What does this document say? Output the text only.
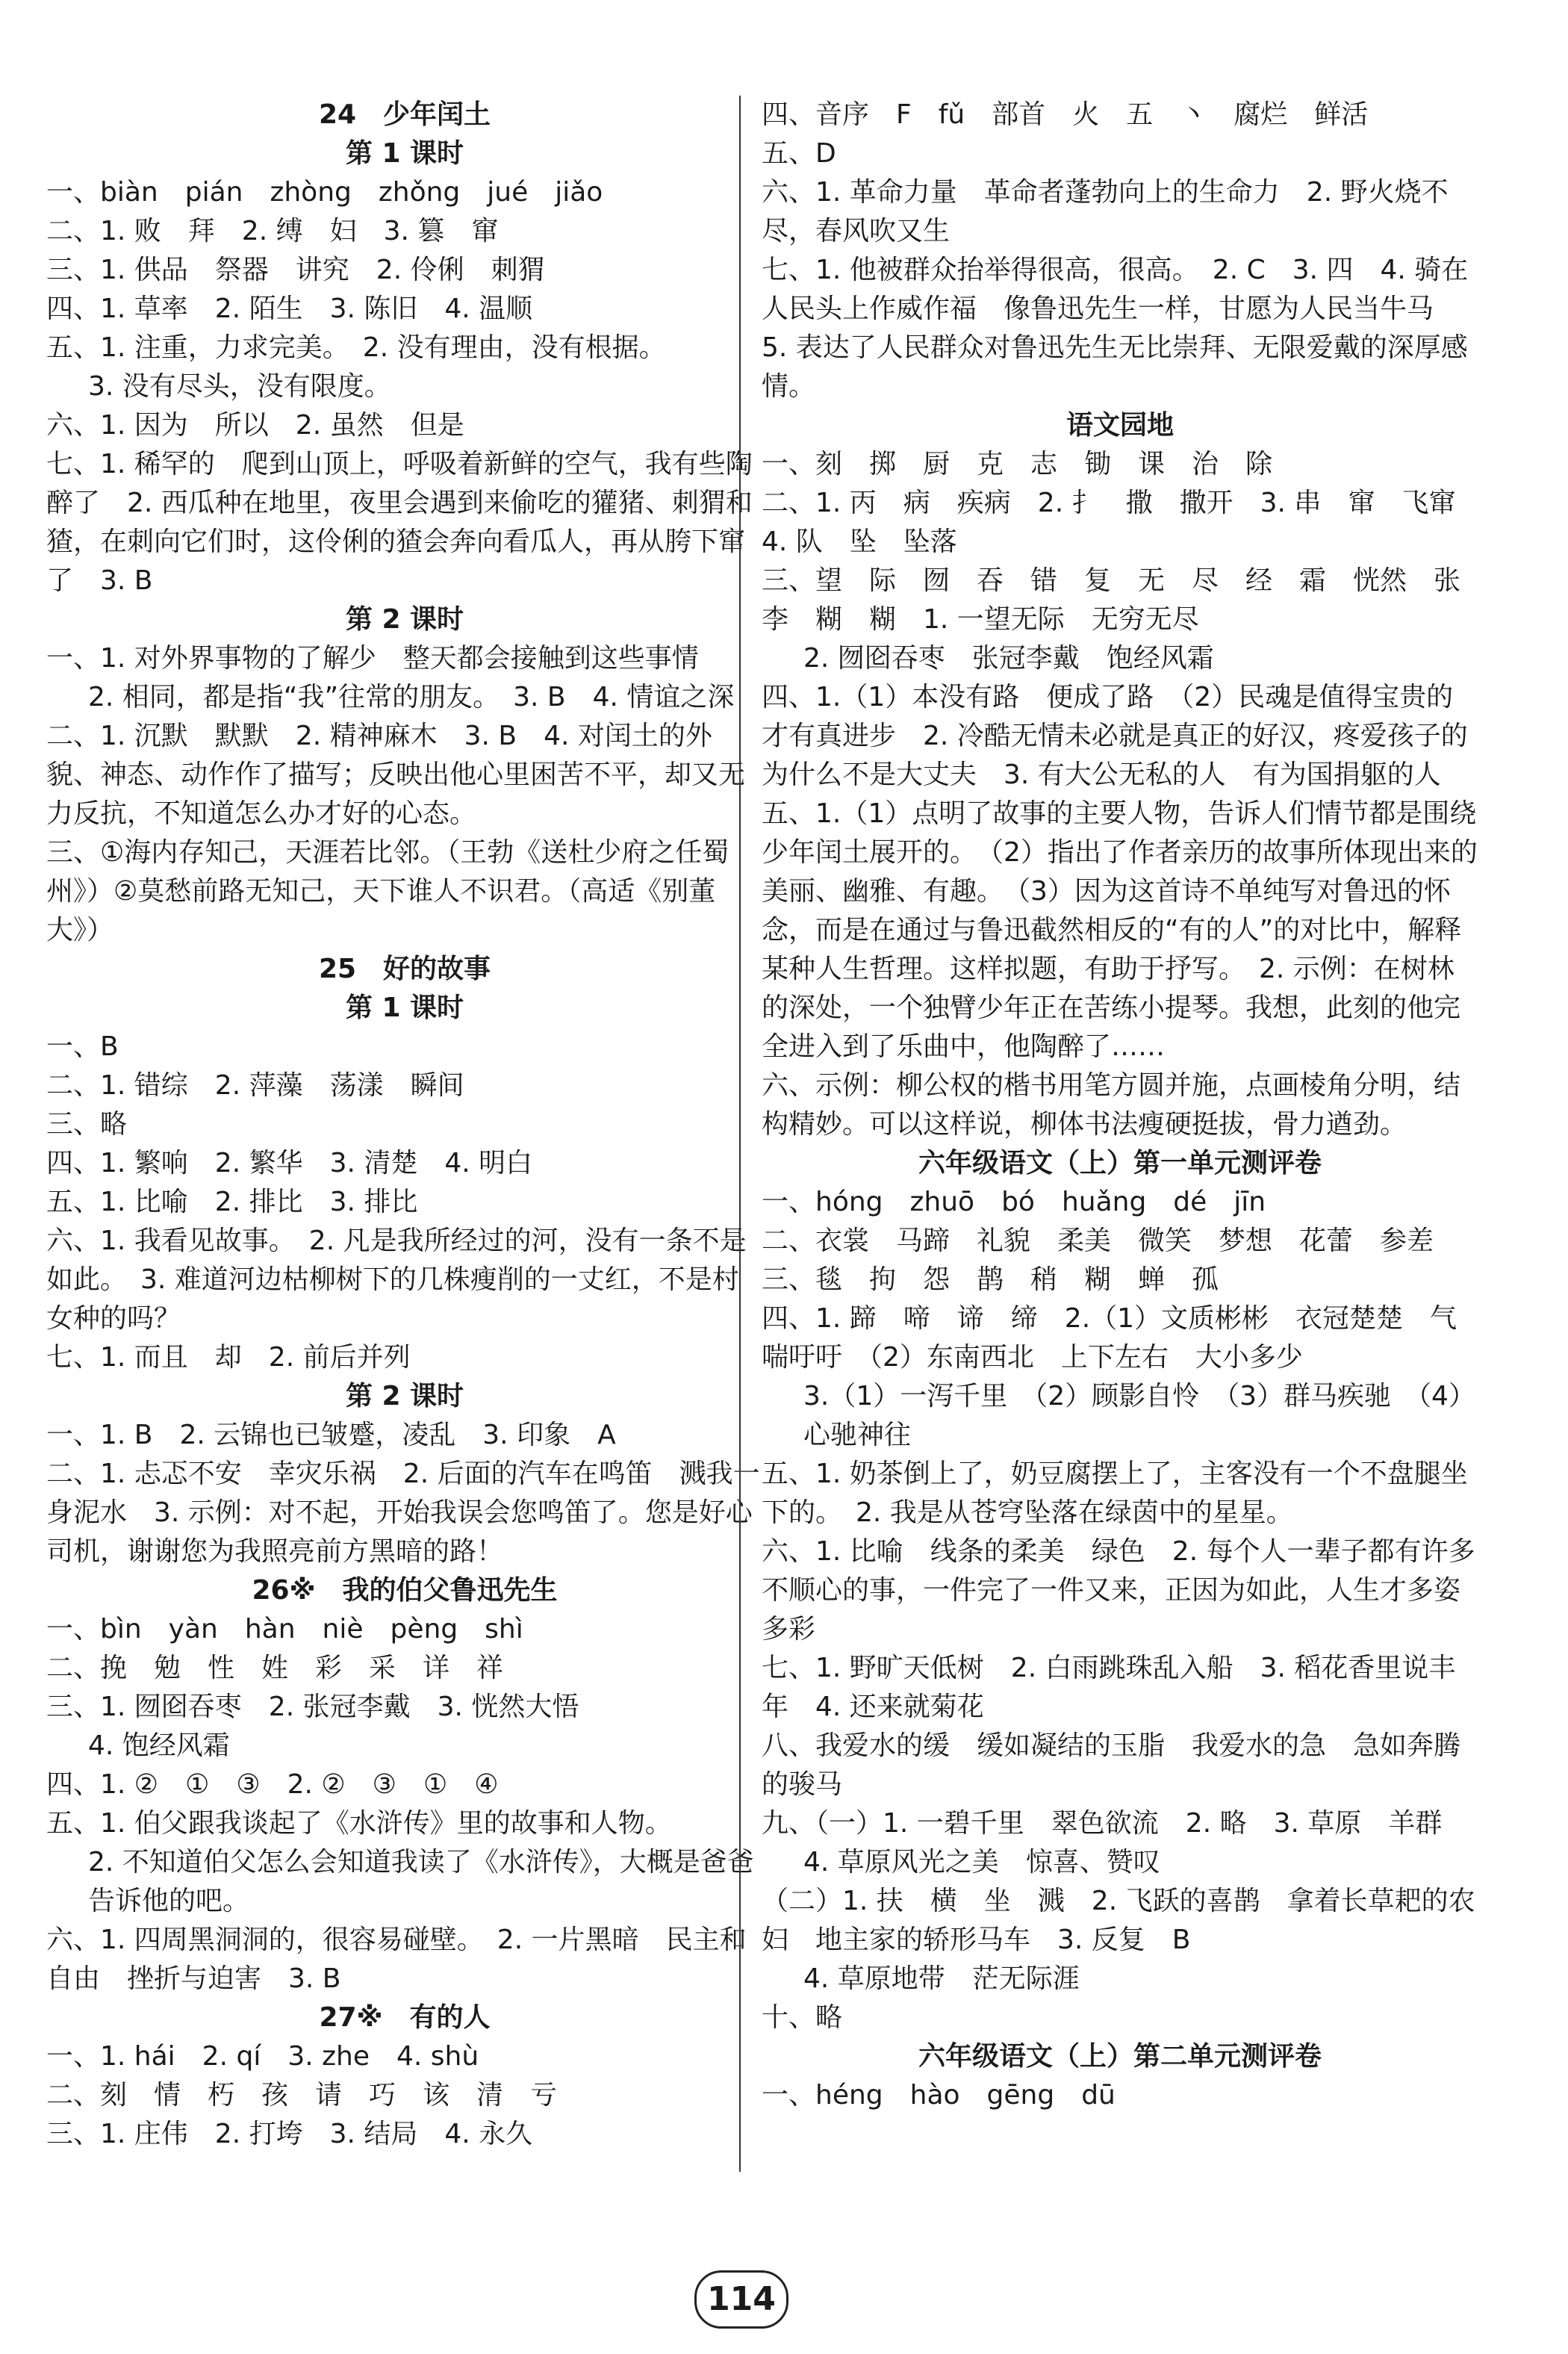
24　少年闰土
第 1 课时
一、biàn　pián　zhòng　zhǒng　jué　jiǎo
二、1. 败　拜　2. 缚　妇　3. 篡　窜
三、1. 供品　祭器　讲究　2. 伶俐　刺猬
四、1. 草率　2. 陌生　3. 陈旧　4. 温顺
五、1. 注重，力求完美。　2. 没有理由，没有根据。
3. 没有尽头，没有限度。
六、1. 因为　所以　2. 虽然　但是
七、1. 稀罕的　爬到山顶上，呼吸着新鲜的空气，我有些陶醉了　2. 西瓜种在地里，夜里会遇到来偷吃的獾猪、刺猬和猹，在刺向它们时，这伶俐的猹会奔向看瓜人，再从胯下窜了　3. B
第 2 课时
一、1. 对外界事物的了解少　整天都会接触到这些事情
2. 相同，都是指“我”往常的朋友。　3. B　4. 情谊之深
二、1. 沉默　默默　2. 精神麻木　3. B　4. 对闰土的外貌、神态、动作作了描写；反映出他心里困苦不平，却又无力反抗，不知道怎么办才好的心态。
三、①海内存知己，天涯若比邻。（王勃《送杜少府之任蜀州》）②莫愁前路无知己，天下谁人不识君。（高适《别董大》）
25　好的故事
第 1 课时
一、B
二、1. 错综　2. 萍藻　荡漾　瞬间
三、略
四、1. 繁响　2. 繁华　3. 清楚　4. 明白
五、1. 比喻　2. 排比　3. 排比
六、1. 我看见故事。　2. 凡是我所经过的河，没有一条不是如此。　3. 难道河边枯柳树下的几株瘦削的一丈红，不是村女种的吗？
七、1. 而且　却　2. 前后并列
第 2 课时
一、1. B　2. 云锦也已皱蹙，凌乱　3. 印象　A
二、1. 忐忑不安　幸灾乐祸　2. 后面的汽车在鸣笛　溅我一身泥水　3. 示例：对不起，开始我误会您鸣笛了。您是好心司机，谢谢您为我照亮前方黑暗的路！
26※　我的伯父鲁迅先生
一、bìn　yàn　hàn　niè　pèng　shì
二、挽　勉　性　姓　彩　采　详　祥
三、1. 囫囵吞枣　2. 张冠李戴　3. 恍然大悟
4. 饱经风霜
四、1. ②　①　③　2. ②　③　①　④
五、1. 伯父跟我谈起了《水浒传》里的故事和人物。
2. 不知道伯父怎么会知道我读了《水浒传》，大概是爸爸告诉他的吧。
六、1. 四周黑洞洞的，很容易碰壁。　2. 一片黑暗　民主和自由　挫折与迫害　3. B
27※　有的人
一、1. hái　2. qí　3. zhe　4. shù
二、刻　情　朽　孩　请　巧　该　清　亏
三、1. 庄伟　2. 打垮　3. 结局　4. 永久
四、音序　F　fǔ　部首　火　五　丶　腐烂　鲜活
五、D
六、1. 革命力量　革命者蓬勃向上的生命力　2. 野火烧不尽，春风吹又生
七、1. 他被群众抬举得很高，很高。　2. C　3. 四　4. 骑在人民头上作威作福　像鲁迅先生一样，甘愿为人民当牛马　5. 表达了人民群众对鲁迅先生无比崇拜、无限爱戴的深厚感情。
语文园地
一、刻　掷　厨　克　志　锄　课　治　除
二、1. 丙　病　疾病　2. 扌　撒　撒开　3. 串　窜　飞窜　4. 队　坠　坠落
三、望　际　囫　吞　错　复　无　尽　经　霜　恍然　张　李　糊　糊　1. 一望无际　无穷无尽
2. 囫囵吞枣　张冠李戴　饱经风霜
四、1.（1）本没有路　便成了路　（2）民魂是值得宝贵的　才有真进步　2. 冷酷无情未必就是真正的好汉，疼爱孩子的为什么不是大丈夫　3. 有大公无私的人　有为国捐躯的人
五、1.（1）点明了故事的主要人物，告诉人们情节都是围绕少年闰土展开的。　（2）指出了作者亲历的故事所体现出来的美丽、幽雅、有趣。　（3）因为这首诗不单纯写对鲁迅的怀念，而是在通过与鲁迅截然相反的“有的人”的对比中，解释某种人生哲理。这样拟题，有助于抒写。　2. 示例：在树林的深处，一个独臂少年正在苦练小提琴。我想，此刻的他完全进入到了乐曲中，他陶醉了……
六、示例：柳公权的楷书用笔方圆并施，点画棱角分明，结构精妙。可以这样说，柳体书法瘦硬挺拔，骨力遒劲。
六年级语文（上）第一单元测评卷
一、hóng　zhuō　bó　huǎng　dé　jīn
二、衣裳　马蹄　礼貌　柔美　微笑　梦想　花蕾　参差
三、毯　拘　怨　鹊　稍　糊　蝉　孤
四、1. 蹄　啼　谛　缔　2.（1）文质彬彬　衣冠楚楚　气喘吁吁　（2）东南西北　上下左右　大小多少
3.（1）一泻千里　（2）顾影自怜　（3）群马疾驰　（4）心驰神往
五、1. 奶茶倒上了，奶豆腐摆上了，主客没有一个不盘腿坐下的。　2. 我是从苍穹坠落在绿茵中的星星。
六、1. 比喻　线条的柔美　绿色　2. 每个人一辈子都有许多不顺心的事，一件完了一件又来，正因为如此，人生才多姿多彩
七、1. 野旷天低树　2. 白雨跳珠乱入船　3. 稻花香里说丰年　4. 还来就菊花
八、我爱水的缓　缓如凝结的玉脂　我爱水的急　急如奔腾的骏马
九、（一）1. 一碧千里　翠色欲流　2. 略　3. 草原　羊群
4. 草原风光之美　惊喜、赞叹
（二）1. 扶　横　坐　溅　2. 飞跃的喜鹊　拿着长草耙的农妇　地主家的轿形马车　3. 反复　B
4. 草原地带　茫无际涯
十、略
六年级语文（上）第二单元测评卷
一、héng　hào　gēng　dū
114
